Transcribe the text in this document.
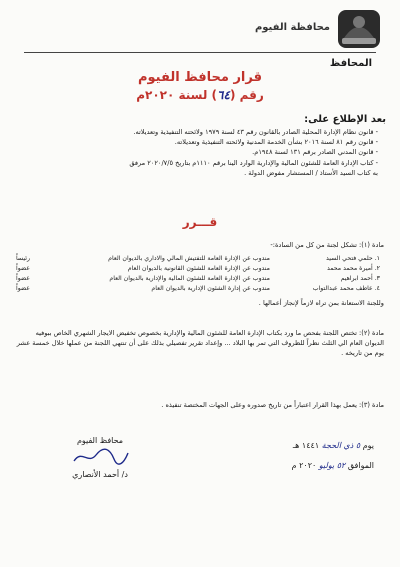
محافظة الفيوم
المحافظ
قرار محافظ الفيوم
رقم (٦٤) لسنة ٢٠٢٠م
بعد الإطلاع على:
- قانون نظام الإدارة المحلية الصادر بالقانون رقم ٤٣ لسنة ١٩٧٩ ولائحته التنفيذية وتعديلاته.
- قانون رقم ٨١ لسنة ٢٠١٦ بشأن الخدمة المدنية ولائحته التنفيذية وتعديلاته.
- قانون المدني الصادر برقم ١٣١ لسنة ١٩٤٨م.
- كتاب الإدارة العامة للشئون المالية والإدارية الوارد الينا برقم ١١١٠م بتاريخ ٢٠٢٠/٧/٥ مرفق
به كتاب السيد الأستاذ / المستشار مفوض الدولة .
قـــرر
مادة (١): تشكل لجنة من كل من السادة:-
١. حلمي فتحي السيد
مندوب عن الإدارة العامة للتفتيش المالي والاداري بالديوان العام
رئيساً
٢. أميرة محمد محمد
مندوب عن الإدارة العامة للشئون القانونية بالديوان العام
عضواً
٣. أحمد ابراهيم
مندوب عن الإدارة العامة للشئون المالية والإدارية بالديوان العام
عضواً
٤. عاطف محمد عبدالتواب
مندوب عن إدارة الشئون الإدارية بالديوان العام
عضواً
وللجنة الاستعانة بمن تراه لازماً لإنجاز أعمالها .
مادة (٢): تختص اللجنة بفحص ما ورد بكتاب الإدارة العامة للشئون المالية والإدارية بخصوص تخفيض الايجار الشهري الخاص ببوفيه الديوان العام الي الثلث نظراً للظروف التي تمر بها البلاد ... وإعداد تقرير تفصيلي بذلك على أن تنتهي اللجنة من عملها خلال خمسة عشر يوم من تاريخه .
مادة (٣): يعمل بهذا القرار اعتباراً من تاريخ صدوره وعلى الجهات المختصة تنفيذه .
يوم ٥ ذي الحجة ١٤٤١ هـ
الموافق ٥٢ يوليو ٢٠٢٠ م
محافظ الفيوم
د/ أحمد الأنصاري
